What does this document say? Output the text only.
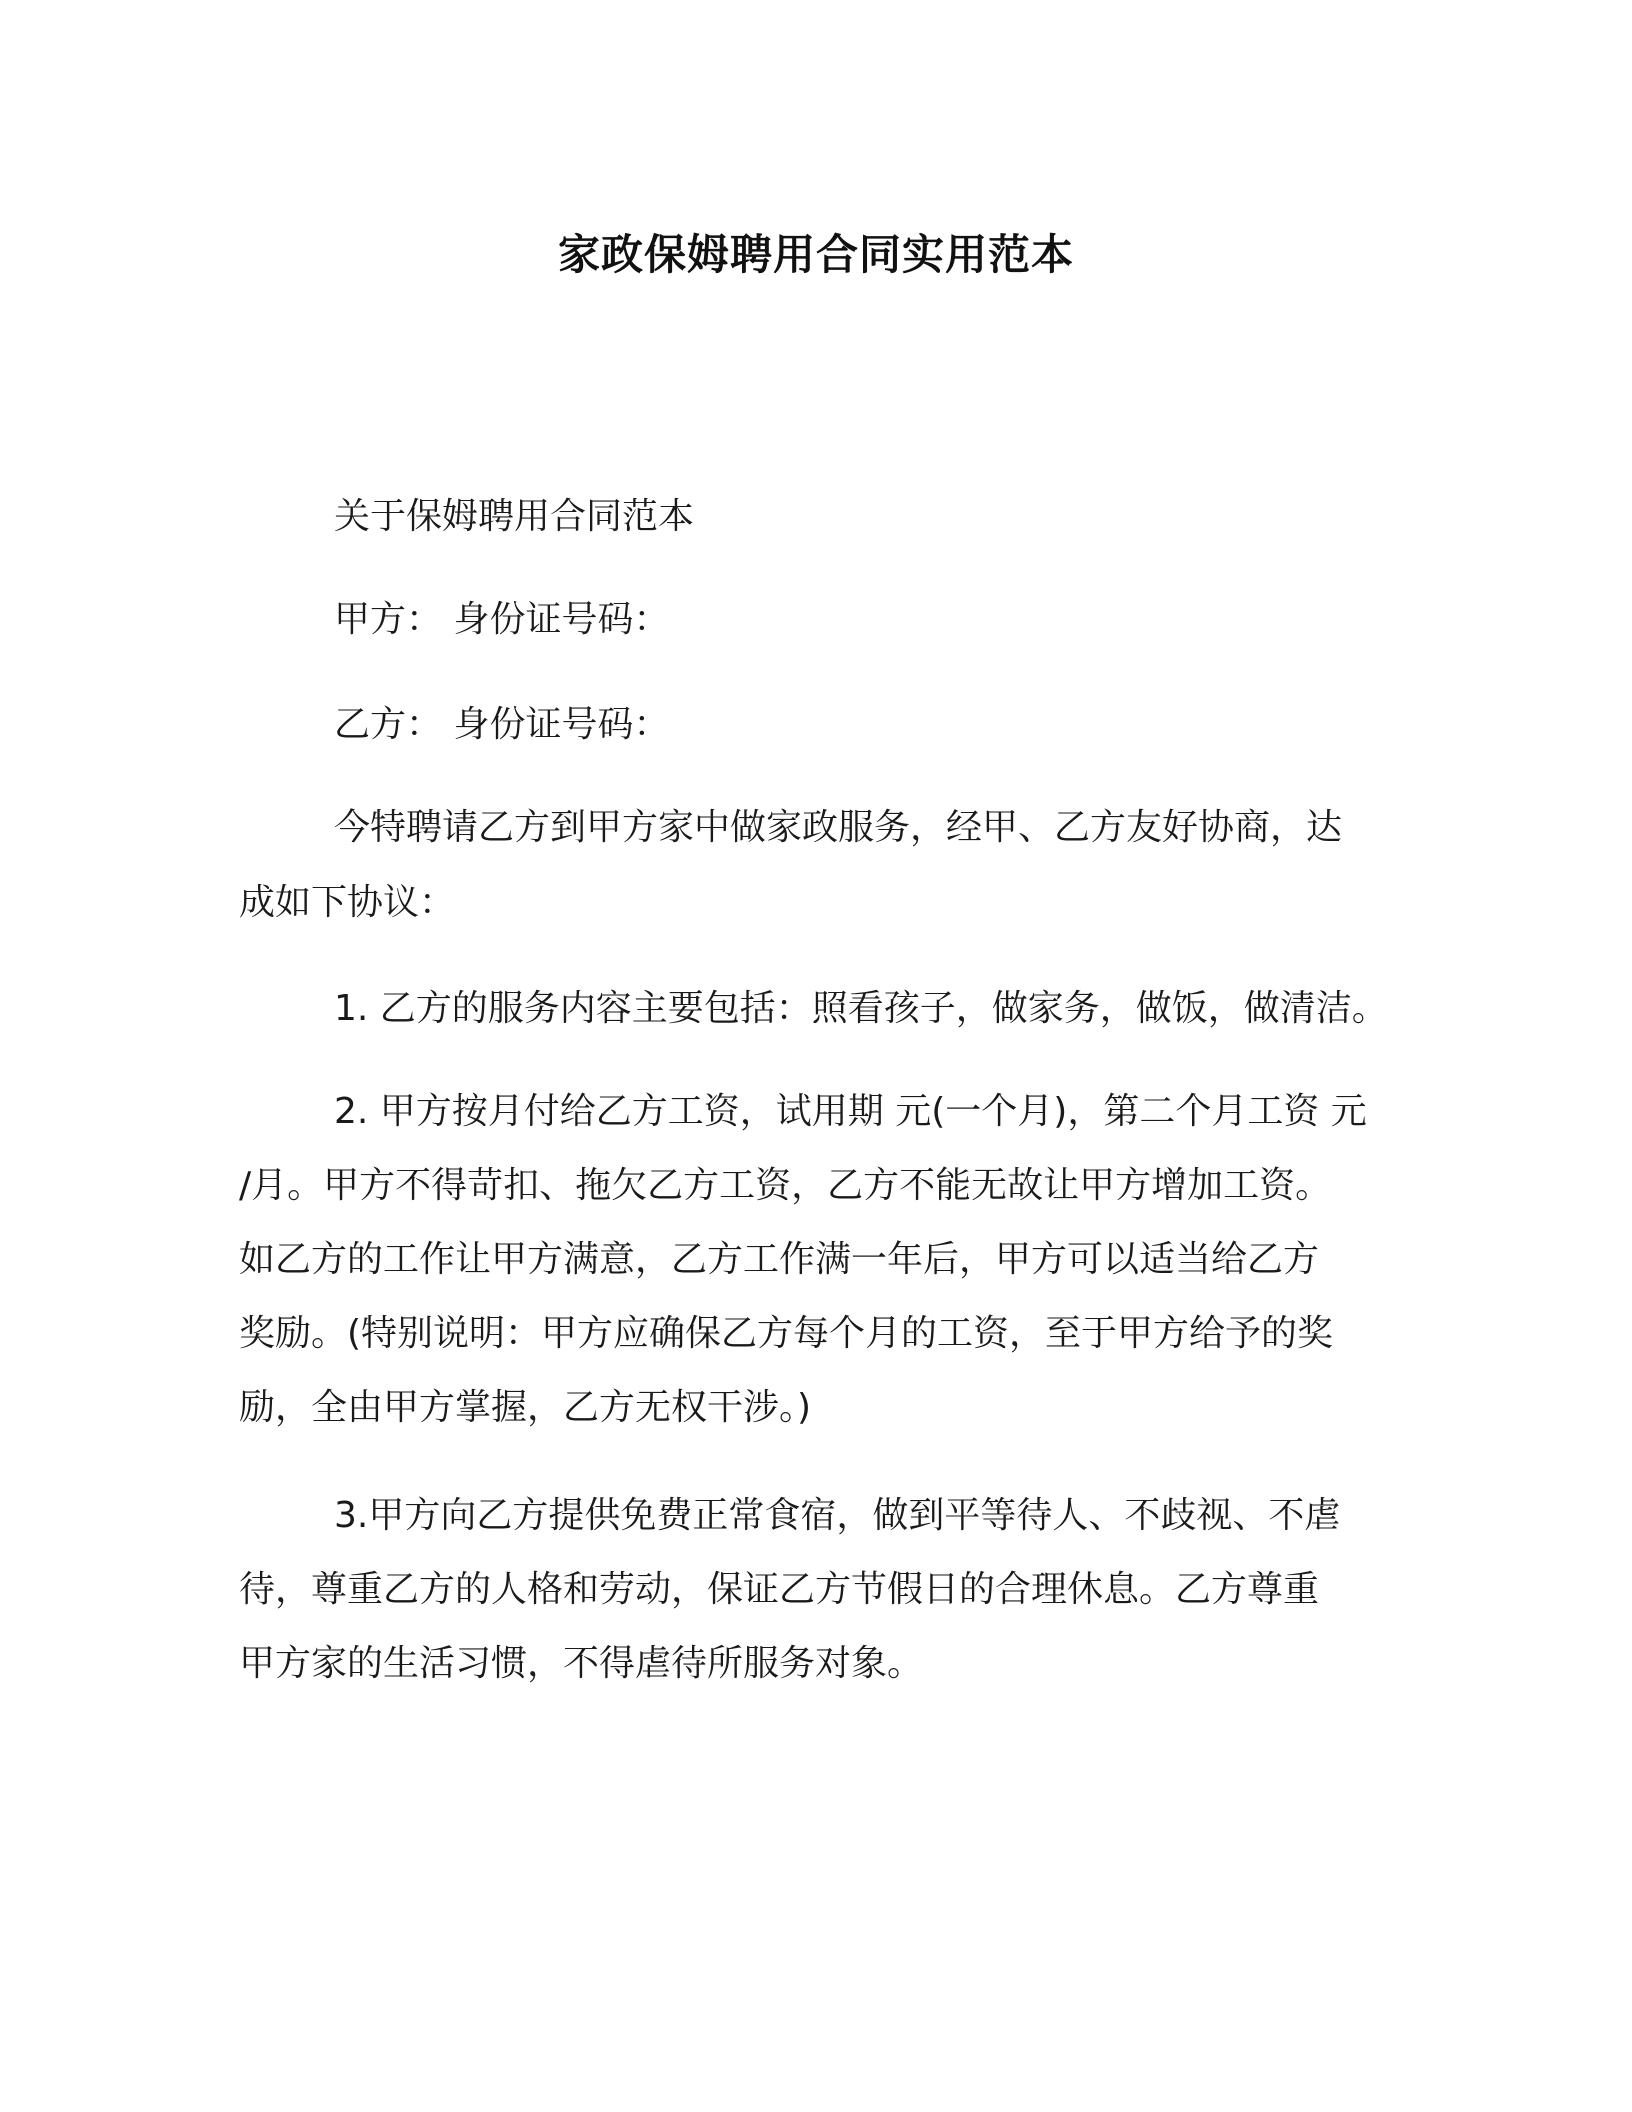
家政保姆聘用合同实用范本
关于保姆聘用合同范本
甲方： 身份证号码：
乙方： 身份证号码：
今特聘请乙方到甲方家中做家政服务，经甲、乙方友好协商，达
成如下协议：
1. 乙方的服务内容主要包括：照看孩子，做家务，做饭，做清洁。
2. 甲方按月付给乙方工资，试用期 元(一个月)，第二个月工资 元
/月。甲方不得苛扣、拖欠乙方工资，乙方不能无故让甲方增加工资。
如乙方的工作让甲方满意，乙方工作满一年后，甲方可以适当给乙方
奖励。(特别说明：甲方应确保乙方每个月的工资，至于甲方给予的奖
励，全由甲方掌握，乙方无权干涉。)
3.甲方向乙方提供免费正常食宿，做到平等待人、不歧视、不虐
待，尊重乙方的人格和劳动，保证乙方节假日的合理休息。乙方尊重
甲方家的生活习惯，不得虐待所服务对象。
